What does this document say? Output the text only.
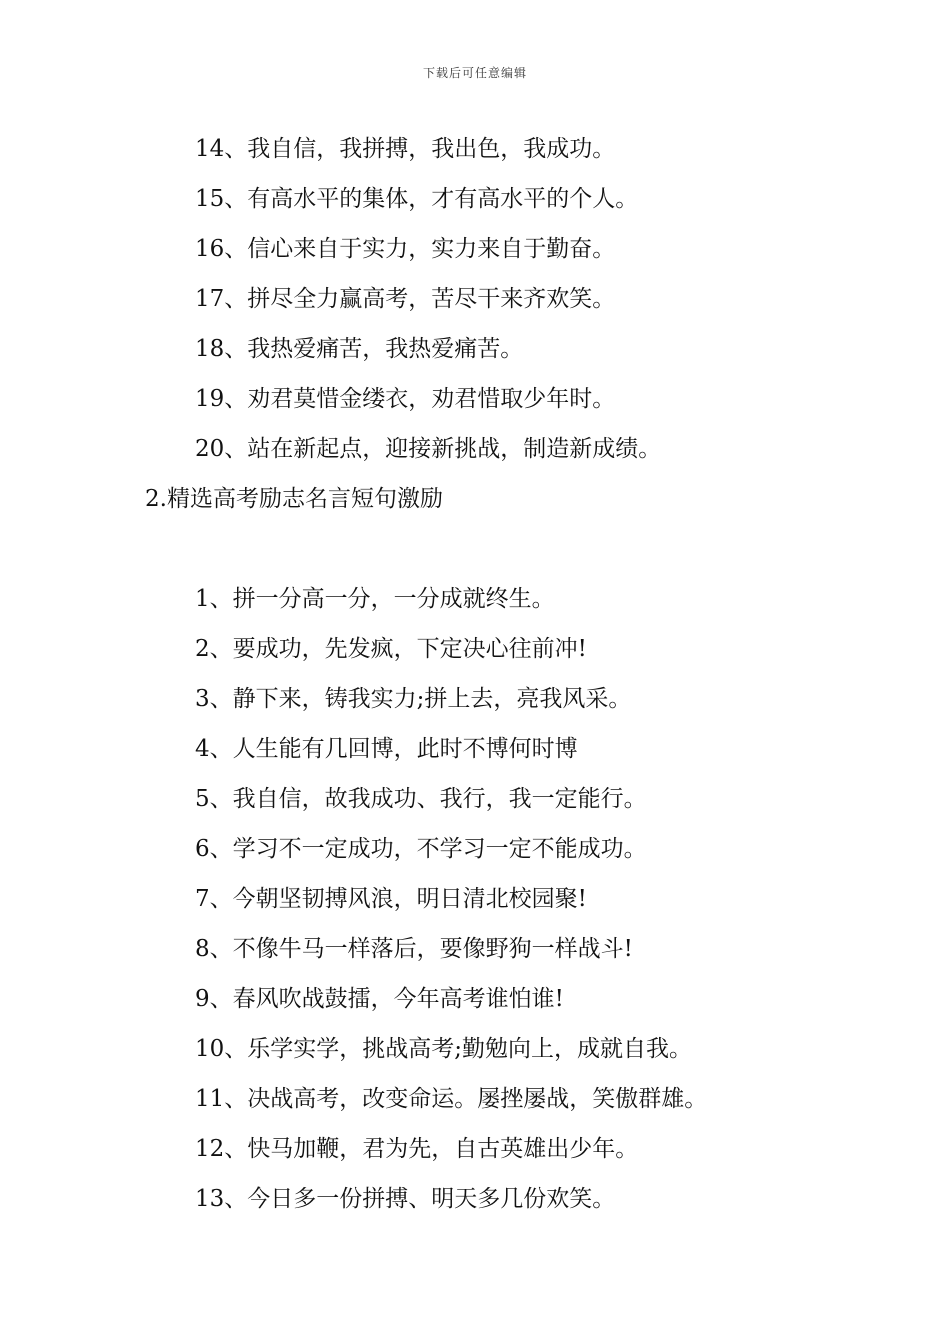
下载后可任意编辑
14、我自信，我拼搏，我出色，我成功。
15、有高水平的集体，才有高水平的个人。
16、信心来自于实力，实力来自于勤奋。
17、拼尽全力赢高考，苦尽干来齐欢笑。
18、我热爱痛苦，我热爱痛苦。
19、劝君莫惜金缕衣，劝君惜取少年时。
20、站在新起点，迎接新挑战，制造新成绩。
2.精选高考励志名言短句激励
1、拼一分高一分，一分成就终生。
2、要成功，先发疯，下定决心往前冲!
3、静下来，铸我实力;拼上去，亮我风采。
4、人生能有几回博，此时不博何时博
5、我自信，故我成功、我行，我一定能行。
6、学习不一定成功，不学习一定不能成功。
7、今朝坚韧搏风浪，明日清北校园聚!
8、不像牛马一样落后，要像野狗一样战斗!
9、春风吹战鼓擂，今年高考谁怕谁!
10、乐学实学，挑战高考;勤勉向上，成就自我。
11、决战高考，改变命运。屡挫屡战，笑傲群雄。
12、快马加鞭，君为先，自古英雄出少年。
13、今日多一份拼搏、明天多几份欢笑。
